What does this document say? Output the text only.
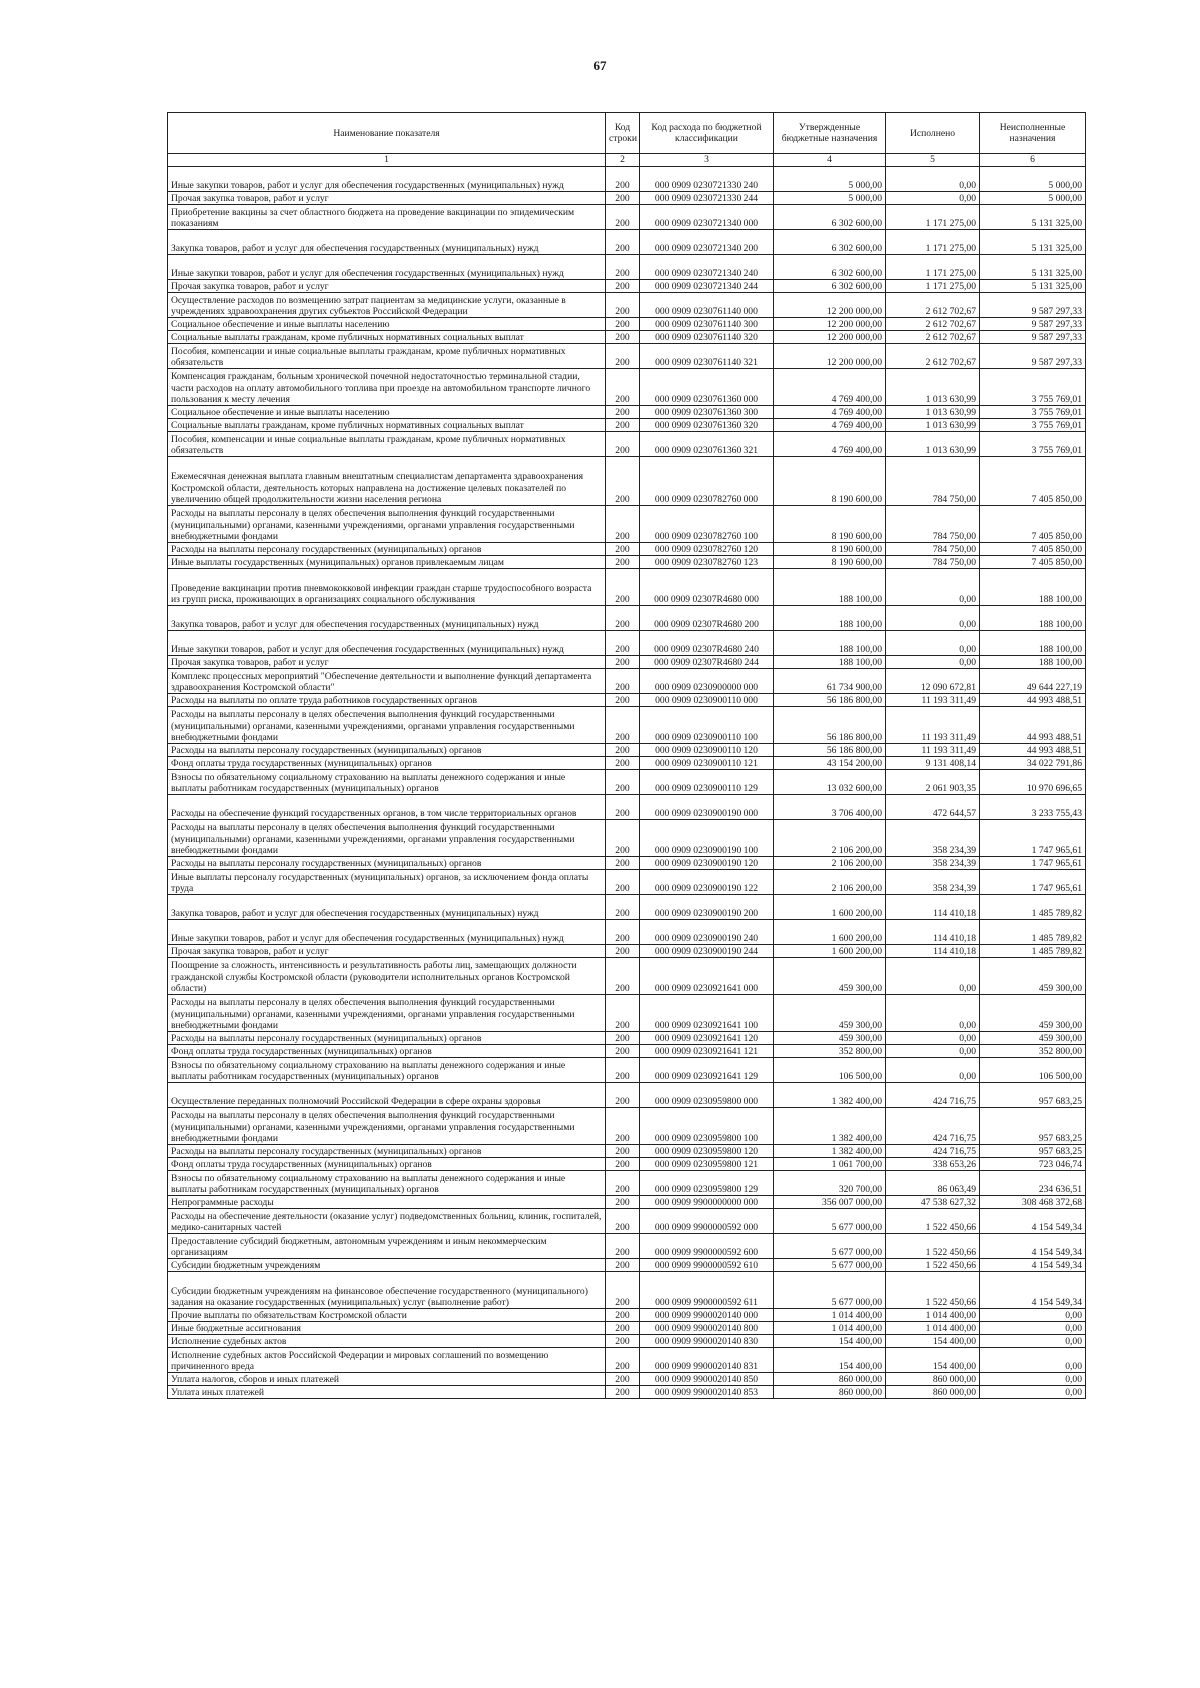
67
Наименование показателя	Код строки	Код расхода по бюджетной классификации	Утвержденные бюджетные назначения	Исполнено	Неисполненные назначения
1	2	3	4	5	6
Иные закупки товаров, работ и услуг для обеспечения государственных (муниципальных) нужд	200	000 0909 0230721330 240	5 000,00	0,00	5 000,00
Прочая закупка товаров, работ и услуг	200	000 0909 0230721330 244	5 000,00	0,00	5 000,00
Приобретение вакцины за счет областного бюджета на проведение вакцинации по эпидемическим показаниям	200	000 0909 0230721340 000	6 302 600,00	1 171 275,00	5 131 325,00
Закупка товаров, работ и услуг для обеспечения государственных (муниципальных) нужд	200	000 0909 0230721340 200	6 302 600,00	1 171 275,00	5 131 325,00
Иные закупки товаров, работ и услуг для обеспечения государственных (муниципальных) нужд	200	000 0909 0230721340 240	6 302 600,00	1 171 275,00	5 131 325,00
Прочая закупка товаров, работ и услуг	200	000 0909 0230721340 244	6 302 600,00	1 171 275,00	5 131 325,00
Осуществление расходов по возмещению затрат пациентам за медицинские услуги, оказанные в учреждениях здравоохранения других субъектов Российской Федерации	200	000 0909 0230761140 000	12 200 000,00	2 612 702,67	9 587 297,33
Социальное обеспечение и иные выплаты населению	200	000 0909 0230761140 300	12 200 000,00	2 612 702,67	9 587 297,33
Социальные выплаты гражданам, кроме публичных нормативных социальных выплат	200	000 0909 0230761140 320	12 200 000,00	2 612 702,67	9 587 297,33
Пособия, компенсации и иные социальные выплаты гражданам, кроме публичных нормативных обязательств	200	000 0909 0230761140 321	12 200 000,00	2 612 702,67	9 587 297,33
Компенсация гражданам, больным хронической почечной недостаточностью терминальной стадии, части расходов на оплату автомобильного топлива при проезде на автомобильном транспорте личного пользования к месту лечения	200	000 0909 0230761360 000	4 769 400,00	1 013 630,99	3 755 769,01
Социальное обеспечение и иные выплаты населению	200	000 0909 0230761360 300	4 769 400,00	1 013 630,99	3 755 769,01
Социальные выплаты гражданам, кроме публичных нормативных социальных выплат	200	000 0909 0230761360 320	4 769 400,00	1 013 630,99	3 755 769,01
Пособия, компенсации и иные социальные выплаты гражданам, кроме публичных нормативных обязательств	200	000 0909 0230761360 321	4 769 400,00	1 013 630,99	3 755 769,01
Ежемесячная денежная выплата главным внештатным специалистам департамента здравоохранения Костромской области, деятельность которых направлена на достижение целевых показателей по увеличению общей продолжительности жизни населения региона	200	000 0909 0230782760 000	8 190 600,00	784 750,00	7 405 850,00
Расходы на выплаты персоналу в целях обеспечения выполнения функций государственными (муниципальными) органами, казенными учреждениями, органами управления государственными внебюджетными фондами	200	000 0909 0230782760 100	8 190 600,00	784 750,00	7 405 850,00
Расходы на выплаты персоналу государственных (муниципальных) органов	200	000 0909 0230782760 120	8 190 600,00	784 750,00	7 405 850,00
Иные выплаты государственных (муниципальных) органов привлекаемым лицам	200	000 0909 0230782760 123	8 190 600,00	784 750,00	7 405 850,00
Проведение вакцинации против пневмококковой инфекции граждан старше трудоспособного возраста из групп риска, проживающих в организациях социального обслуживания	200	000 0909 02307R4680 000	188 100,00	0,00	188 100,00
Закупка товаров, работ и услуг для обеспечения государственных (муниципальных) нужд	200	000 0909 02307R4680 200	188 100,00	0,00	188 100,00
Иные закупки товаров, работ и услуг для обеспечения государственных (муниципальных) нужд	200	000 0909 02307R4680 240	188 100,00	0,00	188 100,00
Прочая закупка товаров, работ и услуг	200	000 0909 02307R4680 244	188 100,00	0,00	188 100,00
Комплекс процессных мероприятий "Обеспечение деятельности и выполнение функций департамента здравоохранения Костромской области"	200	000 0909 0230900000 000	61 734 900,00	12 090 672,81	49 644 227,19
Расходы на выплаты по оплате труда работников государственных органов	200	000 0909 0230900110 000	56 186 800,00	11 193 311,49	44 993 488,51
Расходы на выплаты персоналу в целях обеспечения выполнения функций государственными (муниципальными) органами, казенными учреждениями, органами управления государственными внебюджетными фондами	200	000 0909 0230900110 100	56 186 800,00	11 193 311,49	44 993 488,51
Расходы на выплаты персоналу государственных (муниципальных) органов	200	000 0909 0230900110 120	56 186 800,00	11 193 311,49	44 993 488,51
Фонд оплаты труда государственных (муниципальных) органов	200	000 0909 0230900110 121	43 154 200,00	9 131 408,14	34 022 791,86
Взносы по обязательному социальному страхованию на выплаты денежного содержания и иные выплаты работникам государственных (муниципальных) органов	200	000 0909 0230900110 129	13 032 600,00	2 061 903,35	10 970 696,65
Расходы на обеспечение функций государственных органов, в том числе территориальных органов	200	000 0909 0230900190 000	3 706 400,00	472 644,57	3 233 755,43
Расходы на выплаты персоналу в целях обеспечения выполнения функций государственными (муниципальными) органами, казенными учреждениями, органами управления государственными внебюджетными фондами	200	000 0909 0230900190 100	2 106 200,00	358 234,39	1 747 965,61
Расходы на выплаты персоналу государственных (муниципальных) органов	200	000 0909 0230900190 120	2 106 200,00	358 234,39	1 747 965,61
Иные выплаты персоналу государственных (муниципальных) органов, за исключением фонда оплаты труда	200	000 0909 0230900190 122	2 106 200,00	358 234,39	1 747 965,61
Закупка товаров, работ и услуг для обеспечения государственных (муниципальных) нужд	200	000 0909 0230900190 200	1 600 200,00	114 410,18	1 485 789,82
Иные закупки товаров, работ и услуг для обеспечения государственных (муниципальных) нужд	200	000 0909 0230900190 240	1 600 200,00	114 410,18	1 485 789,82
Прочая закупка товаров, работ и услуг	200	000 0909 0230900190 244	1 600 200,00	114 410,18	1 485 789,82
Поощрение за сложность, интенсивность и результативность работы лиц, замещающих должности гражданской службы Костромской области (руководители исполнительных органов Костромской области)	200	000 0909 0230921641 000	459 300,00	0,00	459 300,00
Расходы на выплаты персоналу в целях обеспечения выполнения функций государственными (муниципальными) органами, казенными учреждениями, органами управления государственными внебюджетными фондами	200	000 0909 0230921641 100	459 300,00	0,00	459 300,00
Расходы на выплаты персоналу государственных (муниципальных) органов	200	000 0909 0230921641 120	459 300,00	0,00	459 300,00
Фонд оплаты труда государственных (муниципальных) органов	200	000 0909 0230921641 121	352 800,00	0,00	352 800,00
Взносы по обязательному социальному страхованию на выплаты денежного содержания и иные выплаты работникам государственных (муниципальных) органов	200	000 0909 0230921641 129	106 500,00	0,00	106 500,00
Осуществление переданных полномочий Российской Федерации в сфере охраны здоровья	200	000 0909 0230959800 000	1 382 400,00	424 716,75	957 683,25
Расходы на выплаты персоналу в целях обеспечения выполнения функций государственными (муниципальными) органами, казенными учреждениями, органами управления государственными внебюджетными фондами	200	000 0909 0230959800 100	1 382 400,00	424 716,75	957 683,25
Расходы на выплаты персоналу государственных (муниципальных) органов	200	000 0909 0230959800 120	1 382 400,00	424 716,75	957 683,25
Фонд оплаты труда государственных (муниципальных) органов	200	000 0909 0230959800 121	1 061 700,00	338 653,26	723 046,74
Взносы по обязательному социальному страхованию на выплаты денежного содержания и иные выплаты работникам государственных (муниципальных) органов	200	000 0909 0230959800 129	320 700,00	86 063,49	234 636,51
Непрограммные расходы	200	000 0909 9900000000 000	356 007 000,00	47 538 627,32	308 468 372,68
Расходы на обеспечение деятельности (оказание услуг) подведомственных больниц, клиник, госпиталей, медико-санитарных частей	200	000 0909 9900000592 000	5 677 000,00	1 522 450,66	4 154 549,34
Предоставление субсидий бюджетным, автономным учреждениям и иным некоммерческим организациям	200	000 0909 9900000592 600	5 677 000,00	1 522 450,66	4 154 549,34
Субсидии бюджетным учреждениям	200	000 0909 9900000592 610	5 677 000,00	1 522 450,66	4 154 549,34
Субсидии бюджетным учреждениям на финансовое обеспечение государственного (муниципального) задания на оказание государственных (муниципальных) услуг (выполнение работ)	200	000 0909 9900000592 611	5 677 000,00	1 522 450,66	4 154 549,34
Прочие выплаты по обязательствам Костромской области	200	000 0909 9900020140 000	1 014 400,00	1 014 400,00	0,00
Иные бюджетные ассигнования	200	000 0909 9900020140 800	1 014 400,00	1 014 400,00	0,00
Исполнение судебных актов	200	000 0909 9900020140 830	154 400,00	154 400,00	0,00
Исполнение судебных актов Российской Федерации и мировых соглашений по возмещению причиненного вреда	200	000 0909 9900020140 831	154 400,00	154 400,00	0,00
Уплата налогов, сборов и иных платежей	200	000 0909 9900020140 850	860 000,00	860 000,00	0,00
Уплата иных платежей	200	000 0909 9900020140 853	860 000,00	860 000,00	0,00
